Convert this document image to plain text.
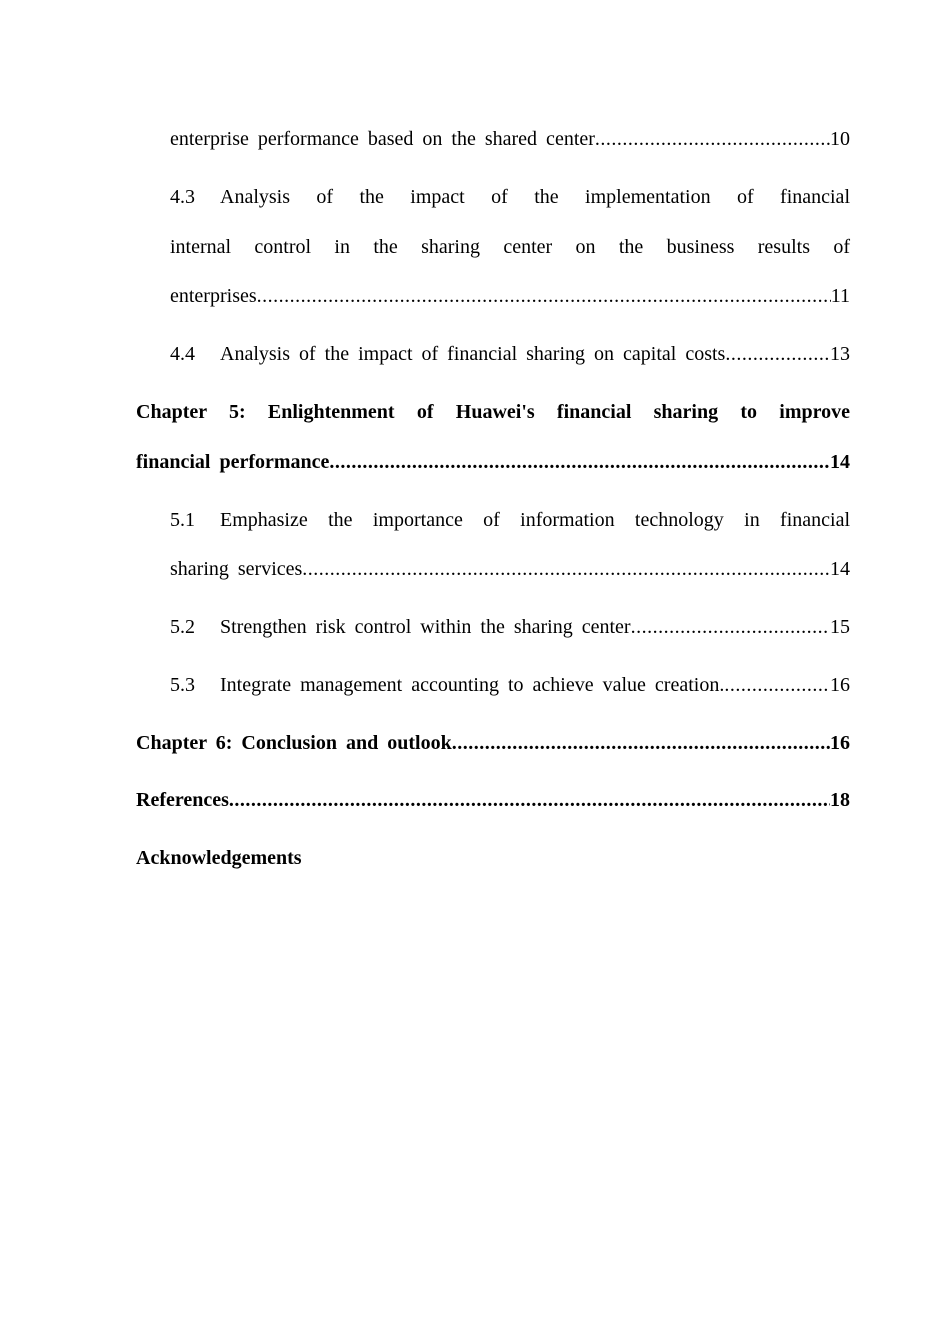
enterprise performance based on the shared center .....	10
4.3 Analysis of the impact of the implementation of financial
internal control in the sharing center on the business results of
enterprises .....	11
4.4 Analysis of the impact of financial sharing on capital costs .....	13
Chapter 5: Enlightenment of Huawei's financial sharing to improve
financial performance .....	14
5.1 Emphasize the importance of information technology in financial
sharing services .....	14
5.2 Strengthen risk control within the sharing center .....	15
5.3 Integrate management accounting to achieve value creation. .....	16
Chapter 6: Conclusion and outlook .....	16
References .....	18
Acknowledgements
